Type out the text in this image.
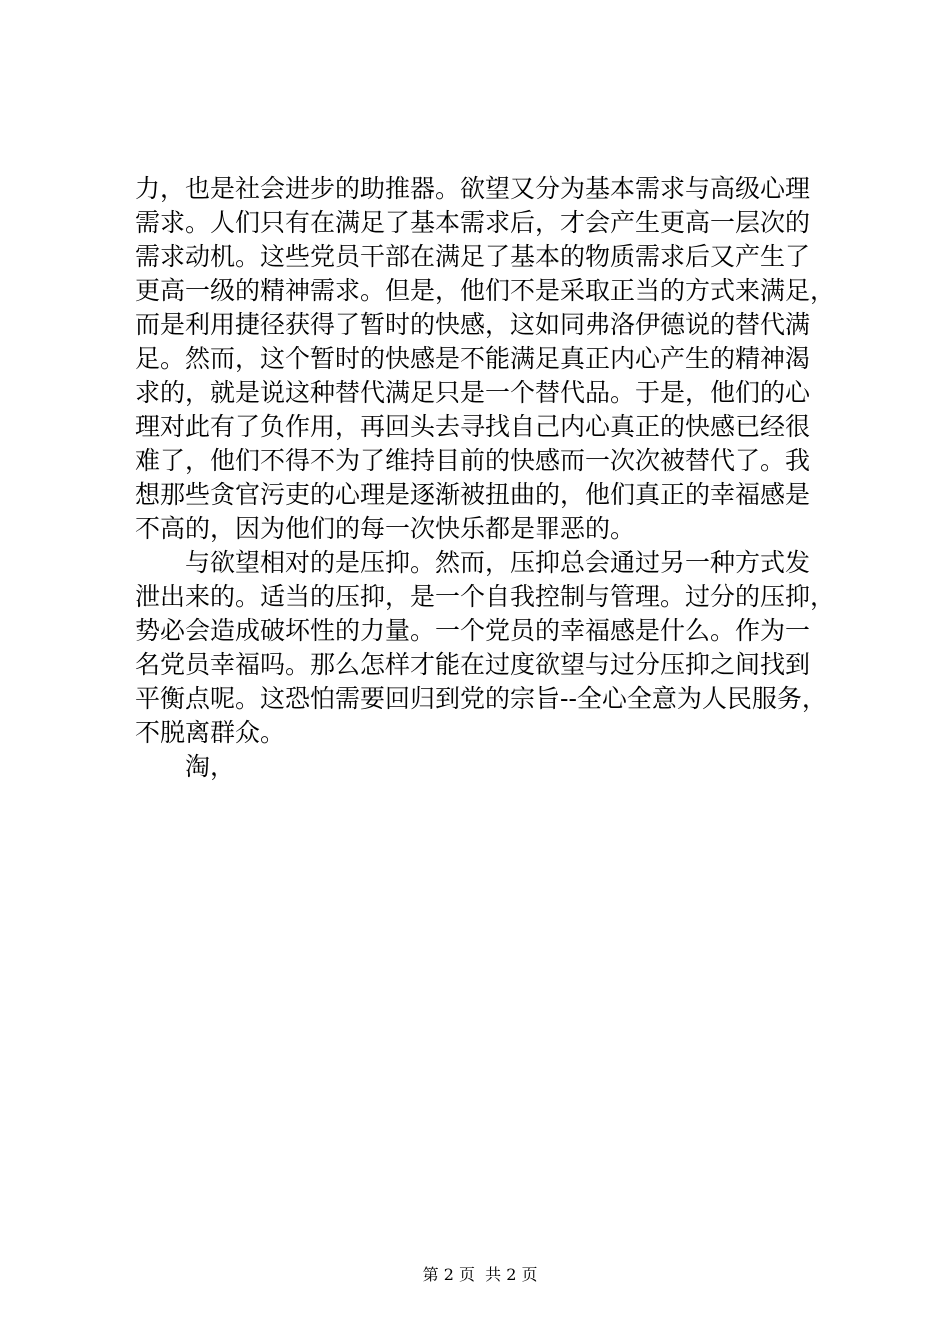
力，也是社会进步的助推器。欲望又分为基本需求与高级心理
需求。人们只有在满足了基本需求后，才会产生更高一层次的
需求动机。这些党员干部在满足了基本的物质需求后又产生了
更高一级的精神需求。但是，他们不是采取正当的方式来满足，
而是利用捷径获得了暂时的快感，这如同弗洛伊德说的替代满
足。然而，这个暂时的快感是不能满足真正内心产生的精神渴
求的，就是说这种替代满足只是一个替代品。于是，他们的心
理对此有了负作用，再回头去寻找自己内心真正的快感已经很
难了，他们不得不为了维持目前的快感而一次次被替代了。我
想那些贪官污吏的心理是逐渐被扭曲的，他们真正的幸福感是
不高的，因为他们的每一次快乐都是罪恶的。
与欲望相对的是压抑。然而，压抑总会通过另一种方式发
泄出来的。适当的压抑，是一个自我控制与管理。过分的压抑，
势必会造成破坏性的力量。一个党员的幸福感是什么。作为一
名党员幸福吗。那么怎样才能在过度欲望与过分压抑之间找到
平衡点呢。这恐怕需要回归到党的宗旨--全心全意为人民服务，
不脱离群众。
淘，

第 2 页  共 2 页
